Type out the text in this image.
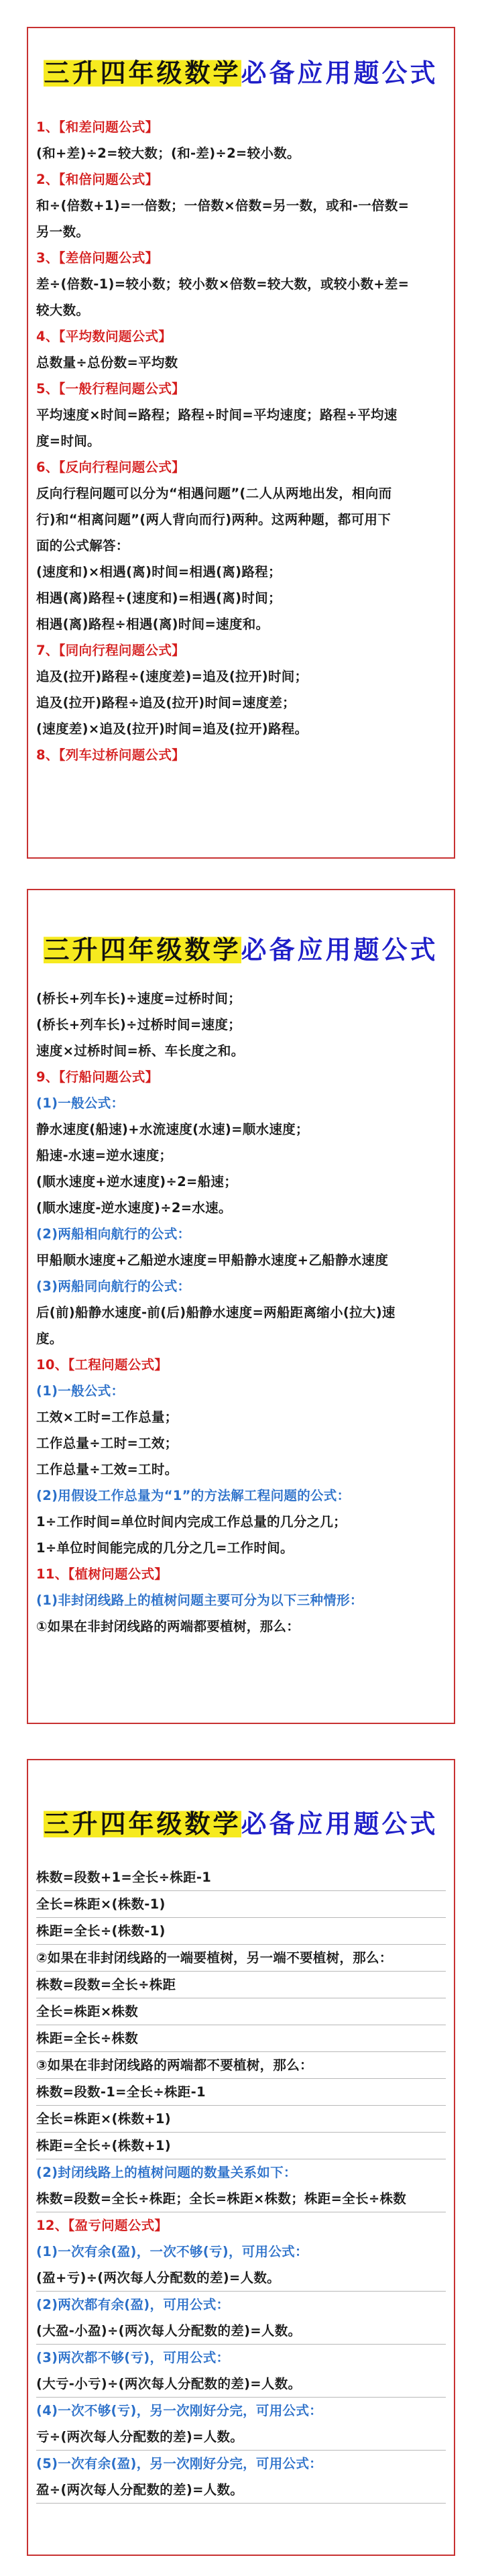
三升四年级数学必备应用题公式
1、【和差问题公式】
(和+差)÷2=较大数；(和-差)÷2=较小数。
2、【和倍问题公式】
和÷(倍数+1)=一倍数；一倍数×倍数=另一数，或和-一倍数=
另一数。
3、【差倍问题公式】
差÷(倍数-1)=较小数；较小数×倍数=较大数，或较小数+差=
较大数。
4、【平均数问题公式】
总数量÷总份数=平均数
5、【一般行程问题公式】
平均速度×时间=路程；路程÷时间=平均速度；路程÷平均速
度=时间。
6、【反向行程问题公式】
反向行程问题可以分为“相遇问题”(二人从两地出发，相向而
行)和“相离问题”(两人背向而行)两种。这两种题，都可用下
面的公式解答：
(速度和)×相遇(离)时间=相遇(离)路程；
相遇(离)路程÷(速度和)=相遇(离)时间；
相遇(离)路程÷相遇(离)时间=速度和。
7、【同向行程问题公式】
追及(拉开)路程÷(速度差)=追及(拉开)时间；
追及(拉开)路程÷追及(拉开)时间=速度差；
(速度差)×追及(拉开)时间=追及(拉开)路程。
8、【列车过桥问题公式】
三升四年级数学必备应用题公式
(桥长+列车长)÷速度=过桥时间；
(桥长+列车长)÷过桥时间=速度；
速度×过桥时间=桥、车长度之和。
9、【行船问题公式】
(1)一般公式：
静水速度(船速)+水流速度(水速)=顺水速度；
船速-水速=逆水速度；
(顺水速度+逆水速度)÷2=船速；
(顺水速度-逆水速度)÷2=水速。
(2)两船相向航行的公式：
甲船顺水速度+乙船逆水速度=甲船静水速度+乙船静水速度
(3)两船同向航行的公式：
后(前)船静水速度-前(后)船静水速度=两船距离缩小(拉大)速
度。
10、【工程问题公式】
(1)一般公式：
工效×工时=工作总量；
工作总量÷工时=工效；
工作总量÷工效=工时。
(2)用假设工作总量为“1”的方法解工程问题的公式：
1÷工作时间=单位时间内完成工作总量的几分之几；
1÷单位时间能完成的几分之几=工作时间。
11、【植树问题公式】
(1)非封闭线路上的植树问题主要可分为以下三种情形：
①如果在非封闭线路的两端都要植树，那么：
三升四年级数学必备应用题公式
株数=段数+1=全长÷株距-1
全长=株距×(株数-1)
株距=全长÷(株数-1)
②如果在非封闭线路的一端要植树，另一端不要植树，那么：
株数=段数=全长÷株距
全长=株距×株数
株距=全长÷株数
③如果在非封闭线路的两端都不要植树，那么：
株数=段数-1=全长÷株距-1
全长=株距×(株数+1)
株距=全长÷(株数+1)
(2)封闭线路上的植树问题的数量关系如下：
株数=段数=全长÷株距；全长=株距×株数；株距=全长÷株数
12、【盈亏问题公式】
(1)一次有余(盈)，一次不够(亏)，可用公式：
(盈+亏)÷(两次每人分配数的差)=人数。
(2)两次都有余(盈)，可用公式：
(大盈-小盈)÷(两次每人分配数的差)=人数。
(3)两次都不够(亏)，可用公式：
(大亏-小亏)÷(两次每人分配数的差)=人数。
(4)一次不够(亏)，另一次刚好分完，可用公式：
亏÷(两次每人分配数的差)=人数。
(5)一次有余(盈)，另一次刚好分完，可用公式：
盈÷(两次每人分配数的差)=人数。
